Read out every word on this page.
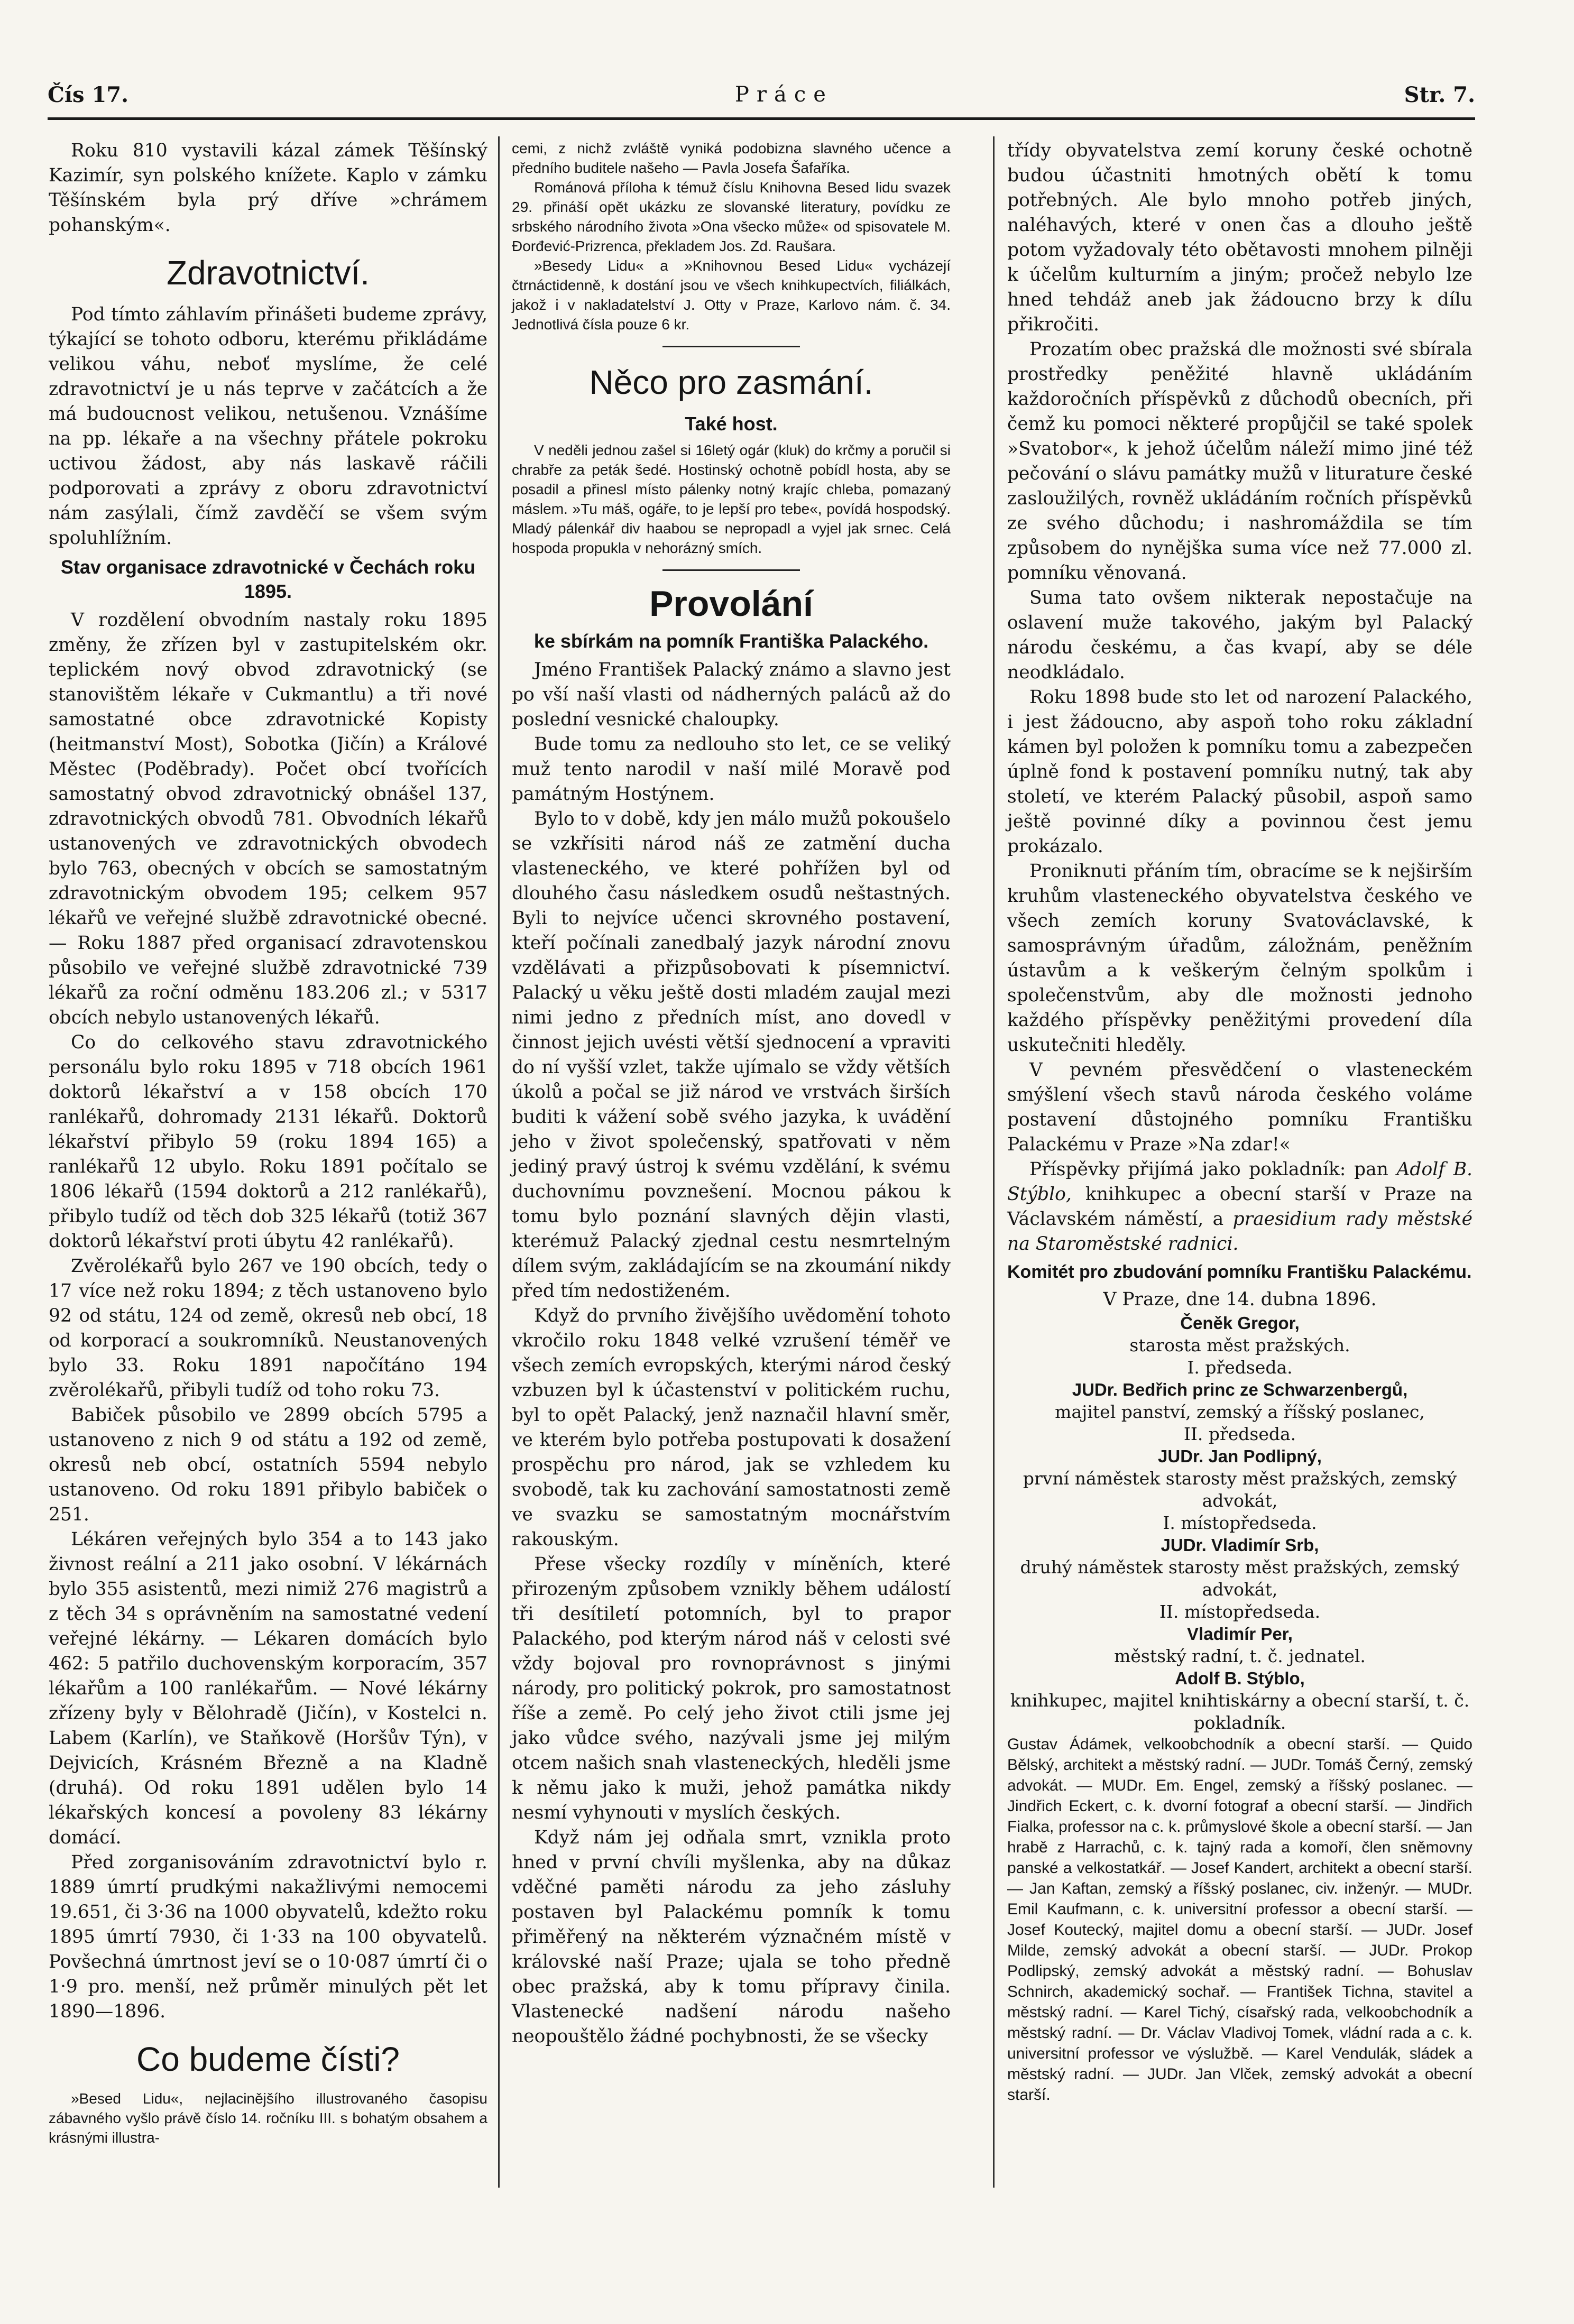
Čís 17.	Práce	Str. 7.

Roku 810 vystavili kázal zámek Těšínský Kazimír, syn polského knížete. Kaplo v zámku Těšínském byla prý dříve »chrámem pohanským«.

Zdravotnictví.

Pod tímto záhlavím přinášeti budeme zprávy, týkající se tohoto odboru, kterému přikládáme velikou váhu, neboť myslíme, že celé zdravotnictví je u nás teprve v začátcích a že má budoucnost velikou, netušenou. Vznášíme na pp. lékaře a na všechny přátele pokroku uctivou žádost, aby nás laskavě ráčili podporovati a zprávy z oboru zdravotnictví nám zasýlali, čímž zavděčí se všem svým spoluhlížním.

Stav organisace zdravotnické v Čechách roku 1895.

V rozdělení obvodním nastaly roku 1895 změny, že zřízen byl v zastupitelském okr. teplickém nový obvod zdravotnický (se stanovištěm lékaře v Cukmantlu) a tři nové samostatné obce zdravotnické Kopisty (heitmanství Most), Sobotka (Jičín) a Králové Městec (Poděbrady). Počet obcí tvořících samostatný obvod zdravotnický obnášel 137, zdravotnických obvodů 781. Obvodních lékařů ustanovených ve zdravotnických obvodech bylo 763, obecných v obcích se samostatným zdravotnickým obvodem 195; celkem 957 lékařů ve veřejné službě zdravotnické obecné. — Roku 1887 před organisací zdravotenskou působilo ve veřejné službě zdravotnické 739 lékařů za roční odměnu 183.206 zl.; v 5317 obcích nebylo ustanovených lékařů.

Co do celkového stavu zdravotnického personálu bylo roku 1895 v 718 obcích 1961 doktorů lékařství a v 158 obcích 170 ranlékařů, dohromady 2131 lékařů. Doktorů lékařství přibylo 59 (roku 1894 165) a ranlékařů 12 ubylo. Roku 1891 počítalo se 1806 lékařů (1594 doktorů a 212 ranlékařů), přibylo tudíž od těch dob 325 lékařů (totiž 367 doktorů lékařství proti úbytu 42 ranlékařů).

Zvěrolékařů bylo 267 ve 190 obcích, tedy o 17 více než roku 1894; z těch ustanoveno bylo 92 od státu, 124 od země, okresů neb obcí, 18 od korporací a soukromníků. Neustanovených bylo 33. Roku 1891 napočítáno 194 zvěrolékařů, přibyli tudíž od toho roku 73.

Babiček působilo ve 2899 obcích 5795 a ustanoveno z nich 9 od státu a 192 od země, okresů neb obcí, ostatních 5594 nebylo ustanoveno. Od roku 1891 přibylo babiček o 251.

Lékáren veřejných bylo 354 a to 143 jako živnost reální a 211 jako osobní. V lékárnách bylo 355 asistentů, mezi nimiž 276 magistrů a z těch 34 s oprávněním na samostatné vedení veřejné lékárny. — Lékaren domácích bylo 462: 5 patřilo duchovenským korporacím, 357 lékařům a 100 ranlékařům. — Nové lékárny zřízeny byly v Bělohradě (Jičín), v Kostelci n. Labem (Karlín), ve Staňkově (Horšův Týn), v Dejvicích, Krásném Březně a na Kladně (druhá). Od roku 1891 udělen bylo 14 lékařských koncesí a povoleny 83 lékárny domácí.

Před zorganisováním zdravotnictví bylo r. 1889 úmrtí prudkými nakažlivými nemocemi 19.651, či 3·36 na 1000 obyvatelů, kdežto roku 1895 úmrtí 7930, či 1·33 na 100 obyvatelů. Povšechná úmrtnost jeví se o 10·087 úmrtí či o 1·9 pro. menší, než průměr minulých pět let 1890—1896.

Co budeme čísti?

»Besed Lidu«, nejlacinějšího illustrovaného časopisu zábavného vyšlo právě číslo 14. ročníku III. s bohatým obsahem a krásnými illustra-

cemi, z nichž zvláště vyniká podobizna slavného učence a předního buditele našeho — Pavla Josefa Šafaříka.

Románová příloha k témuž číslu Knihovna Besed lidu svazek 29. přináší opět ukázku ze slovanské literatury, povídku ze srbského národního života »Ona všecko může« od spisovatele M. Đorđević-Prizrenca, překladem Jos. Zd. Raušara.

»Besedy Lidu« a »Knihovnou Besed Lidu« vycházejí čtrnáctidenně, k dostání jsou ve všech knihkupectvích, filiálkách, jakož i v nakladatelství J. Otty v Praze, Karlovo nám. č. 34. Jednotlivá čísla pouze 6 kr.

Něco pro zasmání.
Také host.

V neděli jednou zašel si 16letý ogár (kluk) do krčmy a poručil si chrabře za peták šedé. Hostinský ochotně pobídl hosta, aby se posadil a přinesl místo pálenky notný krajíc chleba, pomazaný máslem. »Tu máš, ogáře, to je lepší pro tebe«, povídá hospodský. Mladý pálenkář div haabou se nepropadl a vyjel jak srnec. Celá hospoda propukla v nehorázný smích.

Provolání
ke sbírkám na pomník Františka Palackého.

Jméno František Palacký známo a slavno jest po vší naší vlasti od nádherných paláců až do poslední vesnické chaloupky.

Bude tomu za nedlouho sto let, ce se veliký muž tento narodil v naší milé Moravě pod památným Hostýnem.

Bylo to v době, kdy jen málo mužů pokoušelo se vzkřísiti národ náš ze zatmění ducha vlasteneckého, ve které pohřížen byl od dlouhého času následkem osudů neštastných. Byli to nejvíce učenci skrovného postavení, kteří počínali zanedbalý jazyk národní znovu vzdělávati a přizpůsobovati k písemnictví. Palacký u věku ještě dosti mladém zaujal mezi nimi jedno z předních míst, ano dovedl v činnost jejich uvésti větší sjednocení a vpraviti do ní vyšší vzlet, takže ujímalo se vždy větších úkolů a počal se již národ ve vrstvách širších buditi k vážení sobě svého jazyka, k uvádění jeho v život společenský, spatřovati v něm jediný pravý ústroj k svému vzdělání, k svému duchovnímu povznešení. Mocnou pákou k tomu bylo poznání slavných dějin vlasti, kterémuž Palacký zjednal cestu nesmrtelným dílem svým, zakládajícím se na zkoumání nikdy před tím nedostiženém.

Když do prvního živějšího uvědomění tohoto vkročilo roku 1848 velké vzrušení téměř ve všech zemích evropských, kterými národ český vzbuzen byl k účastenství v politickém ruchu, byl to opět Palacký, jenž naznačil hlavní směr, ve kterém bylo potřeba postupovati k dosažení prospěchu pro národ, jak se vzhledem ku svobodě, tak ku zachování samostatnosti země ve svazku se samostatným mocnářstvím rakouským.

Přese všecky rozdíly v míněních, které přirozeným způsobem vznikly během událostí tři desítiletí potomních, byl to prapor Palackého, pod kterým národ náš v celosti své vždy bojoval pro rovnoprávnost s jinými národy, pro politický pokrok, pro samostatnost říše a země. Po celý jeho život ctili jsme jej jako vůdce svého, nazývali jsme jej milým otcem našich snah vlasteneckých, hleděli jsme k němu jako k muži, jehož památka nikdy nesmí vyhynouti v myslích českých.

Když nám jej odňala smrt, vznikla proto hned v první chvíli myšlenka, aby na důkaz vděčné paměti národu za jeho zásluhy postaven byl Palackému pomník k tomu přiměřený na některém význačném místě v královské naší Praze; ujala se toho předně obec pražská, aby k tomu přípravy činila. Vlastenecké nadšení národu našeho neopouštělo žádné pochybnosti, že se všecky

třídy obyvatelstva zemí koruny české ochotně budou účastniti hmotných obětí k tomu potřebných. Ale bylo mnoho potřeb jiných, naléhavých, které v onen čas a dlouho ještě potom vyžadovaly této obětavosti mnohem pilněji k účelům kulturním a jiným; pročež nebylo lze hned tehdáž aneb jak žádoucno brzy k dílu přikročiti.

Prozatím obec pražská dle možnosti své sbírala prostředky peněžité hlavně ukládáním každoročních příspěvků z důchodů obecních, při čemž ku pomoci některé propůjčil se také spolek »Svatobor«, k jehož účelům náleží mimo jiné též pečování o slávu památky mužů v liturature české zasloužilých, rovněž ukládáním ročních příspěvků ze svého důchodu; i nashromáždila se tím způsobem do nynějška suma více než 77.000 zl. pomníku věnovaná.

Suma tato ovšem nikterak nepostačuje na oslavení muže takového, jakým byl Palacký národu českému, a čas kvapí, aby se déle neodkládalo.

Roku 1898 bude sto let od narození Palackého, i jest žádoucno, aby aspoň toho roku základní kámen byl položen k pomníku tomu a zabezpečen úplně fond k postavení pomníku nutný, tak aby století, ve kterém Palacký působil, aspoň samo ještě povinné díky a povinnou čest jemu prokázalo.

Proniknuti přáním tím, obracíme se k nejširším kruhům vlasteneckého obyvatelstva českého ve všech zemích koruny Svatováclavské, k samosprávným úřadům, záložnám, peněžním ústavům a k veškerým čelným spolkům i společenstvům, aby dle možnosti jednoho každého příspěvky peněžitými provedení díla uskutečniti hleděly.

V pevném přesvědčení o vlasteneckém smýšlení všech stavů národa českého voláme postavení důstojného pomníku Františku Palackému v Praze »Na zdar!«

Příspěvky přijímá jako pokladník: pan Adolf B. Stýblo, knihkupec a obecní starší v Praze na Václavském náměstí, a praesidium rady městské na Staroměstské radnici.

Komitét pro zbudování pomníku Františku Palackému.

V Praze, dne 14. dubna 1896.

Čeněk Gregor,
starosta měst pražských.
I. předseda.
JUDr. Bedřich princ ze Schwarzenbergů,
majitel panství, zemský a říšský poslanec,
II. předseda.
JUDr. Jan Podlipný,
první náměstek starosty měst pražských, zemský advokát,
I. místopředseda.
JUDr. Vladimír Srb,
druhý náměstek starosty měst pražských, zemský advokát,
II. místopředseda.
Vladimír Per,
městský radní, t. č. jednatel.
Adolf B. Stýblo,
knihkupec, majitel knihtiskárny a obecní starší, t. č. pokladník.

Gustav Ádámek, velkoobchodník a obecní starší. — Quido Bělský, architekt a městský radní. — JUDr. Tomáš Černý, zemský advokát. — MUDr. Em. Engel, zemský a říšský poslanec. — Jindřich Eckert, c. k. dvorní fotograf a obecní starší. — Jindřich Fialka, professor na c. k. průmyslové škole a obecní starší. — Jan hrabě z Harrachů, c. k. tajný rada a komoří, člen sněmovny panské a velkostatkář. — Josef Kandert, architekt a obecní starší. — Jan Kaftan, zemský a říšský poslanec, civ. inženýr. — MUDr. Emil Kaufmann, c. k. universitní professor a obecní starší. — Josef Koutecký, majitel domu a obecní starší. — JUDr. Josef Milde, zemský advokát a obecní starší. — JUDr. Prokop Podlipský, zemský advokát a městský radní. — Bohuslav Schnirch, akademický sochař. — František Tichna, stavitel a městský radní. — Karel Tichý, císařský rada, velkoobchodník a městský radní. — Dr. Václav Vladivoj Tomek, vládní rada a c. k. universitní professor ve výslužbě. — Karel Vendulák, sládek a městský radní. — JUDr. Jan Vlček, zemský advokát a obecní starší.
